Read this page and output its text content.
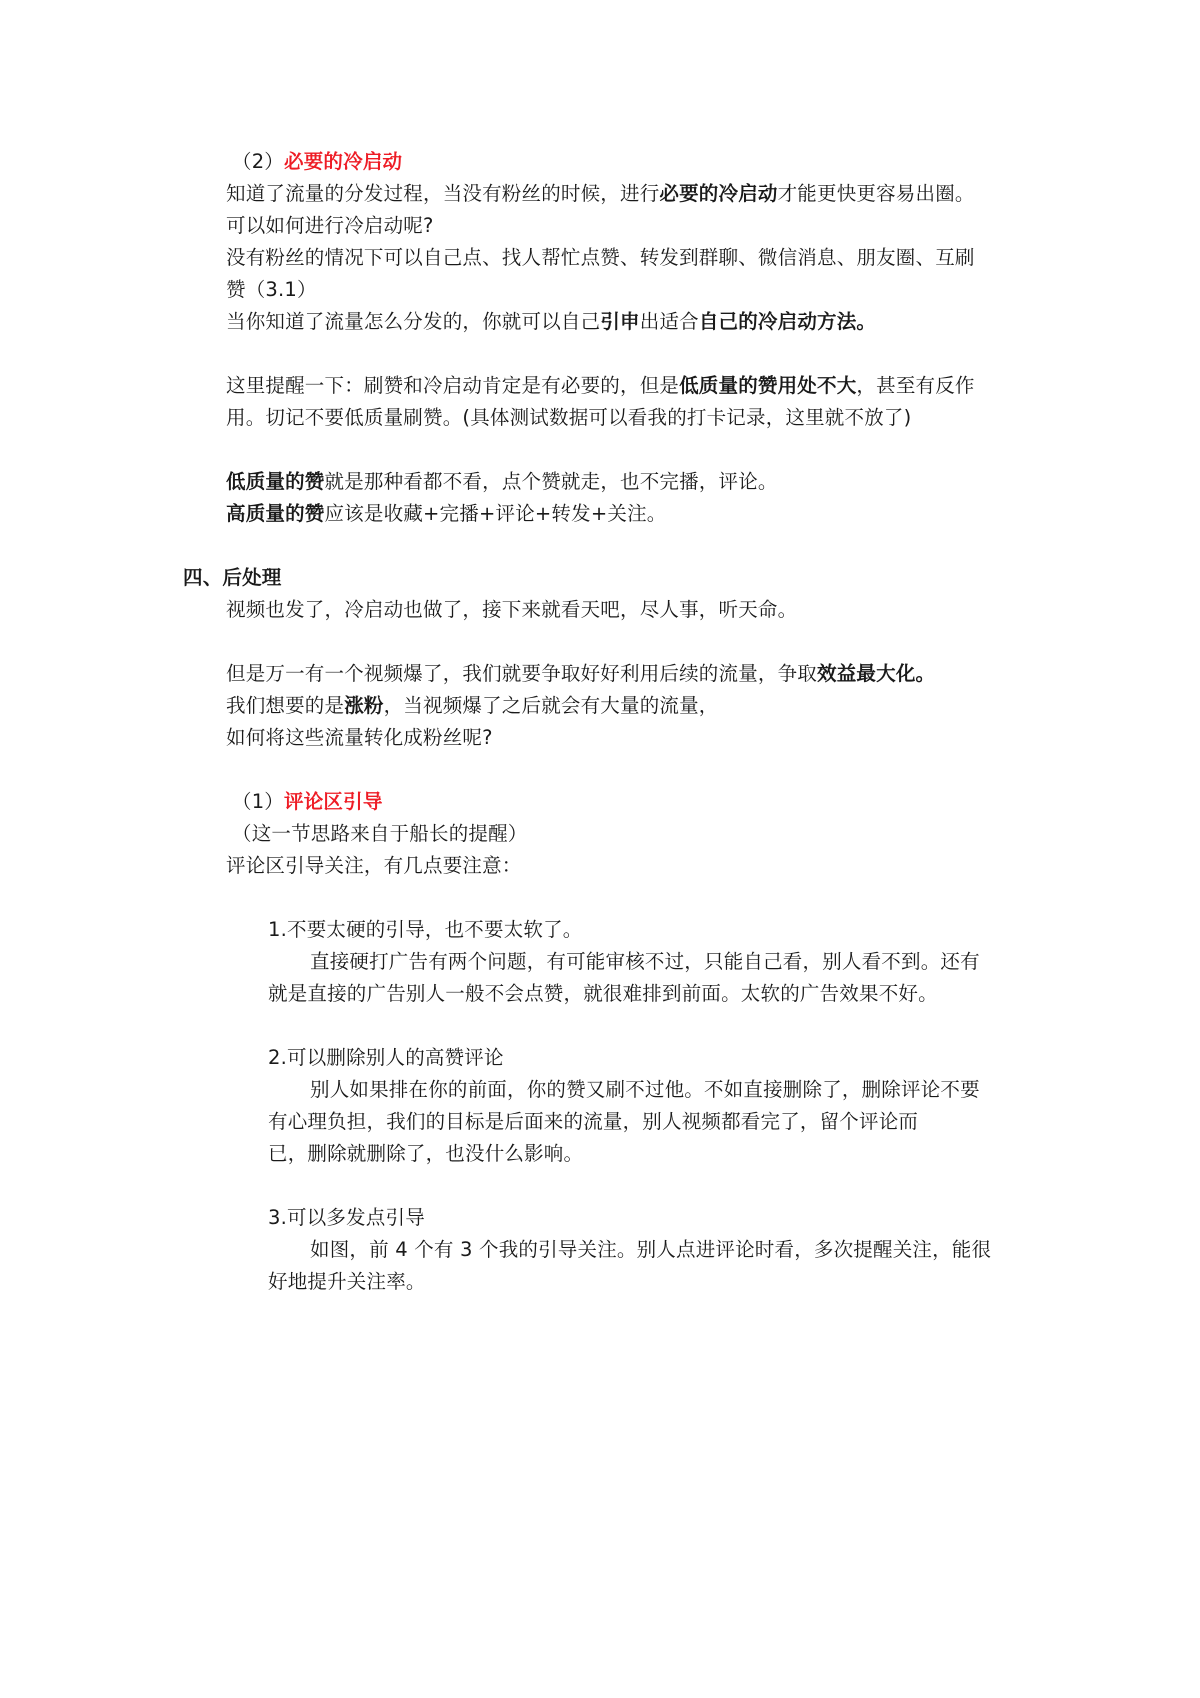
（2）必要的冷启动
知道了流量的分发过程，当没有粉丝的时候，进行必要的冷启动才能更快更容易出圈。
可以如何进行冷启动呢?
没有粉丝的情况下可以自己点、找人帮忙点赞、转发到群聊、微信消息、朋友圈、互刷
赞（3.1）
当你知道了流量怎么分发的，你就可以自己引申出适合自己的冷启动方法。
这里提醒一下：刷赞和冷启动肯定是有必要的，但是低质量的赞用处不大，甚至有反作
用。切记不要低质量刷赞。(具体测试数据可以看我的打卡记录，这里就不放了)
低质量的赞就是那种看都不看，点个赞就走，也不完播，评论。
高质量的赞应该是收藏+完播+评论+转发+关注。
四、后处理
视频也发了，冷启动也做了，接下来就看天吧，尽人事，听天命。
但是万一有一个视频爆了，我们就要争取好好利用后续的流量，争取效益最大化。
我们想要的是涨粉，当视频爆了之后就会有大量的流量，
如何将这些流量转化成粉丝呢?
（1）评论区引导
（这一节思路来自于船长的提醒）
评论区引导关注，有几点要注意：
1.不要太硬的引导，也不要太软了。
直接硬打广告有两个问题，有可能审核不过，只能自己看，别人看不到。还有
就是直接的广告别人一般不会点赞，就很难排到前面。太软的广告效果不好。
2.可以删除别人的高赞评论
别人如果排在你的前面，你的赞又刷不过他。不如直接删除了，删除评论不要
有心理负担，我们的目标是后面来的流量，别人视频都看完了，留个评论而
已，删除就删除了，也没什么影响。
3.可以多发点引导
如图，前 4 个有 3 个我的引导关注。别人点进评论时看，多次提醒关注，能很
好地提升关注率。
